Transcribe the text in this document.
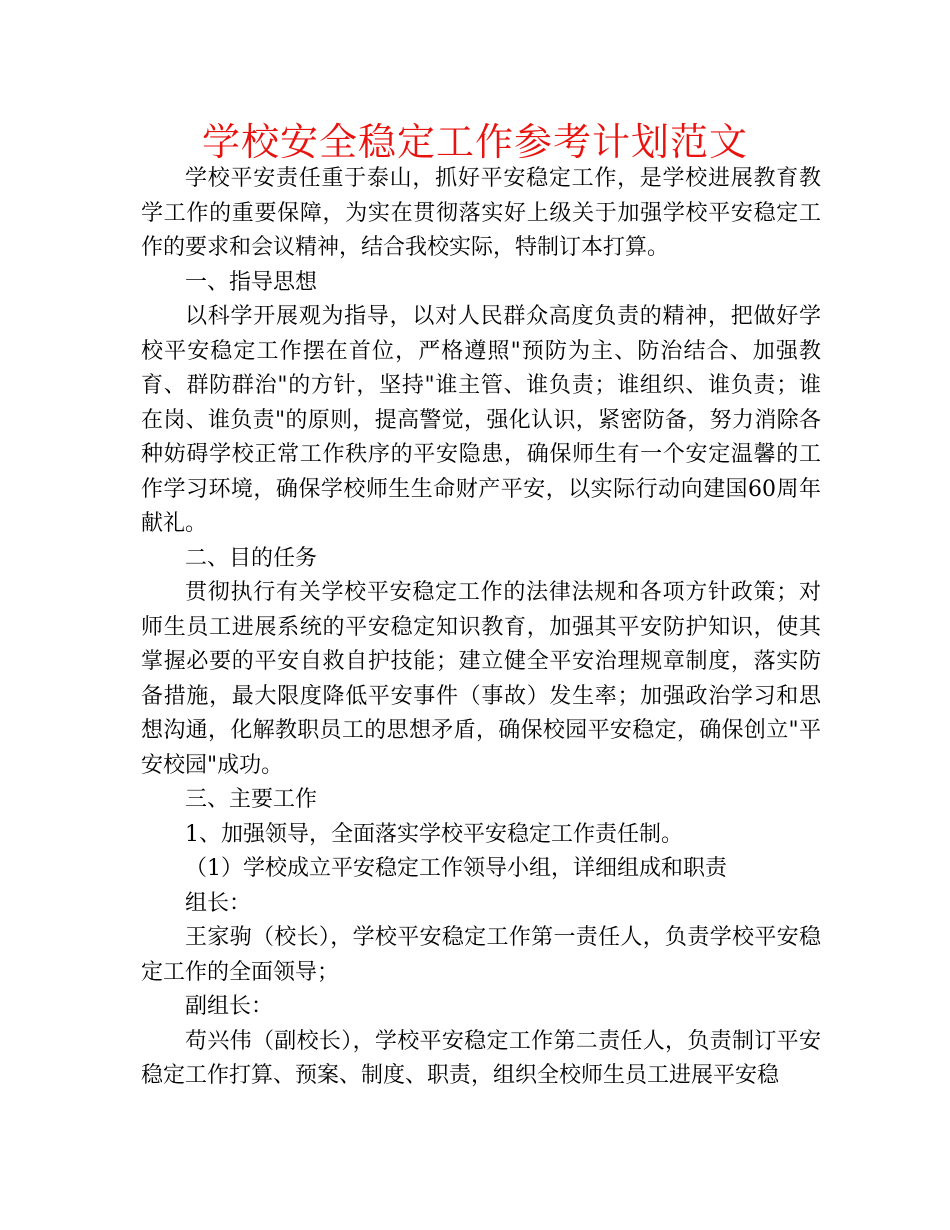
学校安全稳定工作参考计划范文

学校平安责任重于泰山，抓好平安稳定工作，是学校进展教育教学工作的重要保障，为实在贯彻落实好上级关于加强学校平安稳定工作的要求和会议精神，结合我校实际，特制订本打算。

一、指导思想

以科学开展观为指导，以对人民群众高度负责的精神，把做好学校平安稳定工作摆在首位，严格遵照"预防为主、防治结合、加强教育、群防群治"的方针，坚持"谁主管、谁负责；谁组织、谁负责；谁在岗、谁负责"的原则，提高警觉，强化认识，紧密防备，努力消除各种妨碍学校正常工作秩序的平安隐患，确保师生有一个安定温馨的工作学习环境，确保学校师生生命财产平安，以实际行动向建国60周年献礼。

二、目的任务

贯彻执行有关学校平安稳定工作的法律法规和各项方针政策；对师生员工进展系统的平安稳定知识教育，加强其平安防护知识，使其掌握必要的平安自救自护技能；建立健全平安治理规章制度，落实防备措施，最大限度降低平安事件（事故）发生率；加强政治学习和思想沟通，化解教职员工的思想矛盾，确保校园平安稳定，确保创立"平安校园"成功。

三、主要工作

1、加强领导，全面落实学校平安稳定工作责任制。

（1）学校成立平安稳定工作领导小组，详细组成和职责

组长：

王家驹（校长），学校平安稳定工作第一责任人，负责学校平安稳定工作的全面领导；

副组长：

苟兴伟（副校长），学校平安稳定工作第二责任人，负责制订平安稳定工作打算、预案、制度、职责，组织全校师生员工进展平安稳
